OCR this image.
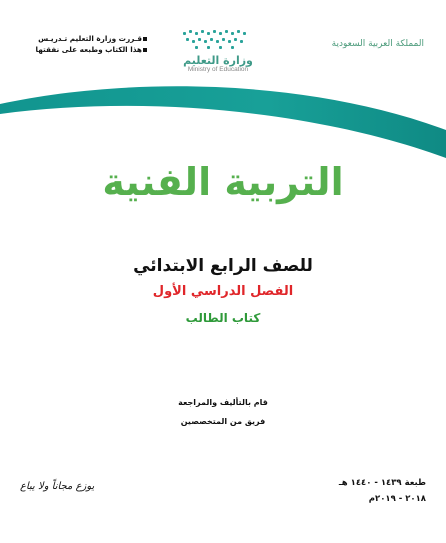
المملكة العربية السعودية
وزارة التعليم
Ministry of Education
قـررت وزارة التعليم تـدريـس
هذا الكتاب وطبعه على نفقتها
التربية الفنية
للصف الرابع الابتدائي
الفصل الدراسي الأول
كتاب الطالب
قام بالتأليف والمراجعة
فريق من المتخصصين
طبعة ١٤٣٩ - ١٤٤٠ هـ
٢٠١٨ - ٢٠١٩م
يوزع مجاناً ولا يباع
